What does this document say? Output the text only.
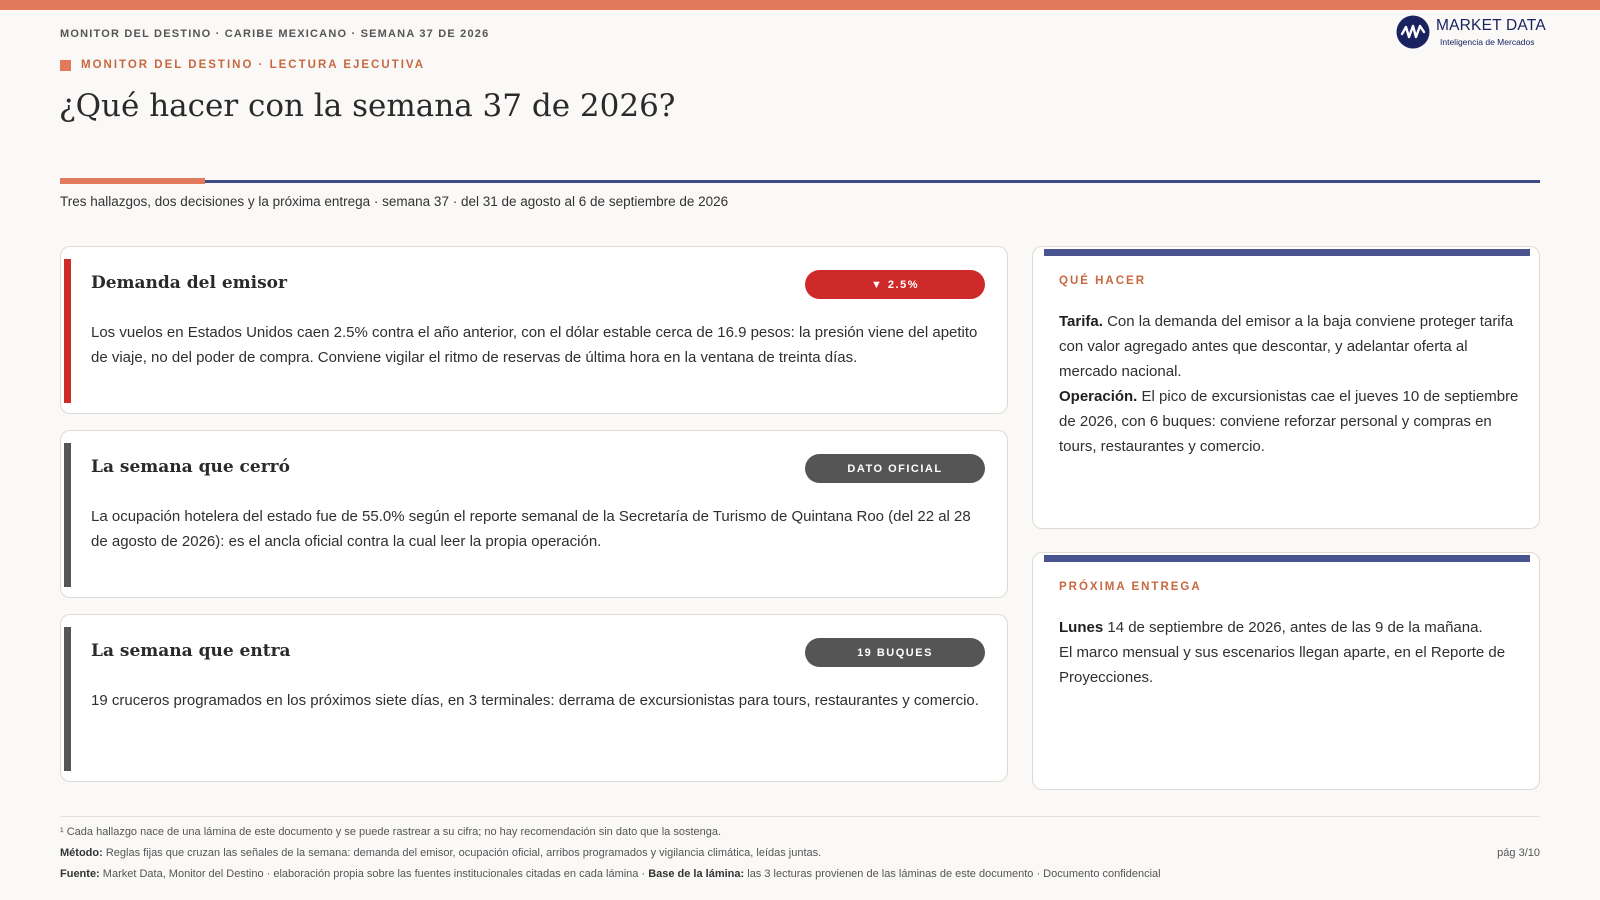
MONITOR DEL DESTINO · CARIBE MEXICANO · SEMANA 37 DE 2026
MONITOR DEL DESTINO · LECTURA EJECUTIVA
¿Qué hacer con la semana 37 de 2026?
MARKET DATA
Inteligencia de Mercados
Tres hallazgos, dos decisiones y la próxima entrega · semana 37 · del 31 de agosto al 6 de septiembre de 2026
Demanda del emisor	▼ 2.5%
Los vuelos en Estados Unidos caen 2.5% contra el año anterior, con el dólar estable cerca de 16.9 pesos: la presión viene del apetito de viaje, no del poder de compra. Conviene vigilar el ritmo de reservas de última hora en la ventana de treinta días.
La semana que cerró	DATO OFICIAL
La ocupación hotelera del estado fue de 55.0% según el reporte semanal de la Secretaría de Turismo de Quintana Roo (del 22 al 28 de agosto de 2026): es el ancla oficial contra la cual leer la propia operación.
La semana que entra	19 BUQUES
19 cruceros programados en los próximos siete días, en 3 terminales: derrama de excursionistas para tours, restaurantes y comercio.
QUÉ HACER
Tarifa. Con la demanda del emisor a la baja conviene proteger tarifa con valor agregado antes que descontar, y adelantar oferta al mercado nacional.
Operación. El pico de excursionistas cae el jueves 10 de septiembre de 2026, con 6 buques: conviene reforzar personal y compras en tours, restaurantes y comercio.
PRÓXIMA ENTREGA
Lunes 14 de septiembre de 2026, antes de las 9 de la mañana.
El marco mensual y sus escenarios llegan aparte, en el Reporte de Proyecciones.
¹ Cada hallazgo nace de una lámina de este documento y se puede rastrear a su cifra; no hay recomendación sin dato que la sostenga.
Método: Reglas fijas que cruzan las señales de la semana: demanda del emisor, ocupación oficial, arribos programados y vigilancia climática, leídas juntas.
Fuente: Market Data, Monitor del Destino · elaboración propia sobre las fuentes institucionales citadas en cada lámina · Base de la lámina: las 3 lecturas provienen de las láminas de este documento · Documento confidencial
pág 3/10
